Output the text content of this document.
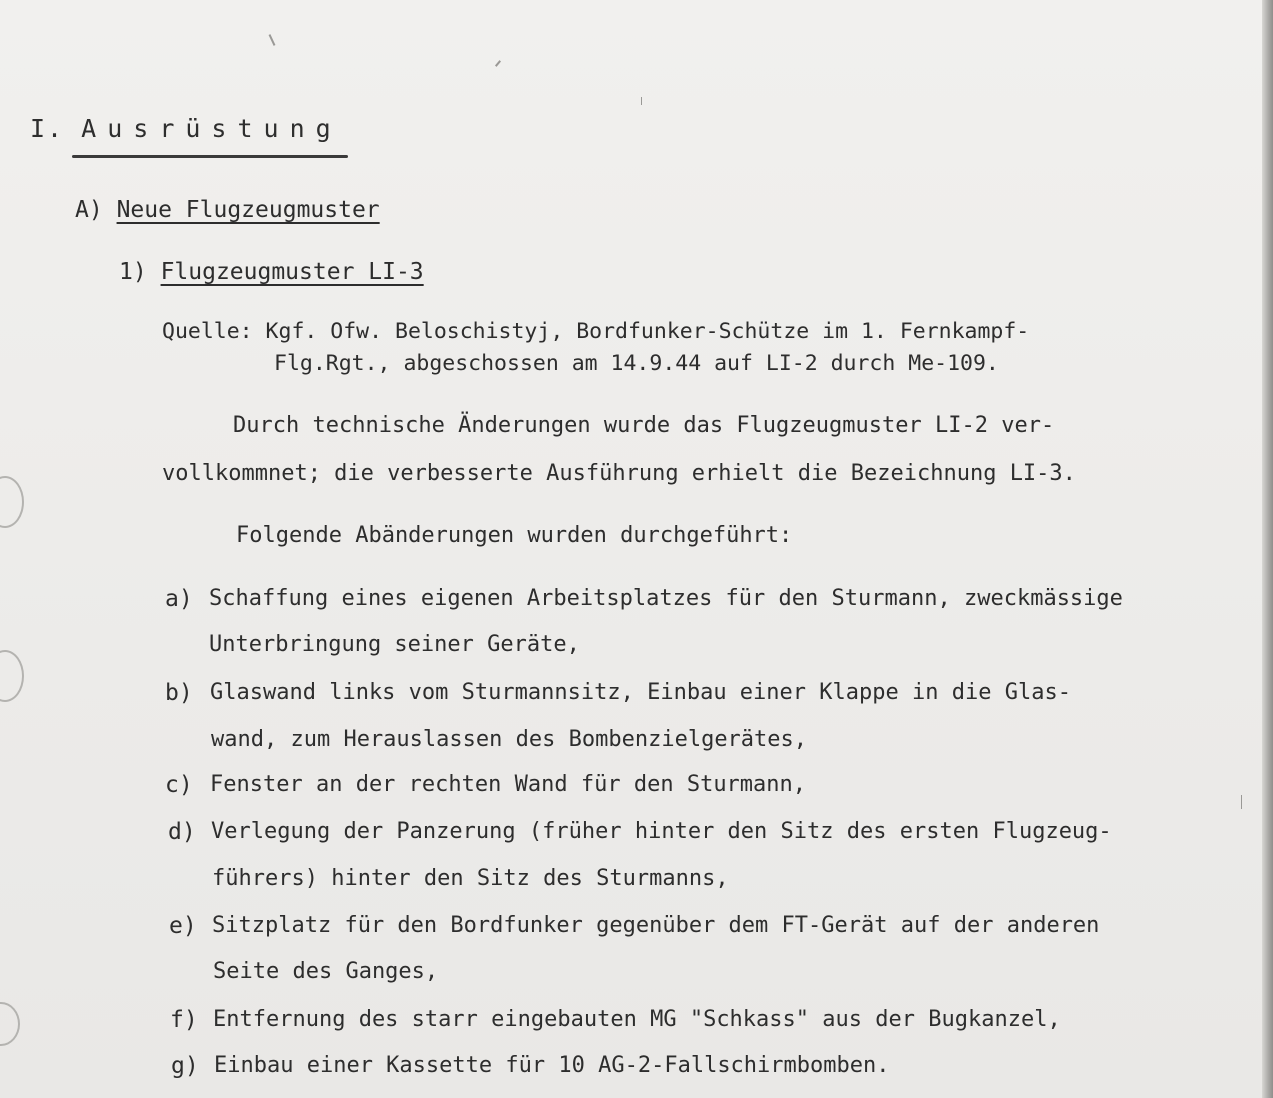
I. Ausrüstung
A) Neue Flugzeugmuster
1) Flugzeugmuster LI-3
Quelle: Kgf. Ofw. Beloschistyj, Bordfunker-Schütze im 1. Fernkampf-
Flg.Rgt., abgeschossen am 14.9.44 auf LI-2 durch Me-109.
Durch technische Änderungen wurde das Flugzeugmuster LI-2 ver-
vollkommnet; die verbesserte Ausführung erhielt die Bezeichnung LI-3.
Folgende Abänderungen wurden durchgeführt:
a) Schaffung eines eigenen Arbeitsplatzes für den Sturmann, zweckmässige
Unterbringung seiner Geräte,
b) Glaswand links vom Sturmannsitz, Einbau einer Klappe in die Glas-
wand, zum Herauslassen des Bombenzielgerätes,
c) Fenster an der rechten Wand für den Sturmann,
d) Verlegung der Panzerung (früher hinter den Sitz des ersten Flugzeug-
führers) hinter den Sitz des Sturmanns,
e) Sitzplatz für den Bordfunker gegenüber dem FT-Gerät auf der anderen
Seite des Ganges,
f) Entfernung des starr eingebauten MG "Schkass" aus der Bugkanzel,
g) Einbau einer Kassette für 10 AG-2-Fallschirmbomben.
